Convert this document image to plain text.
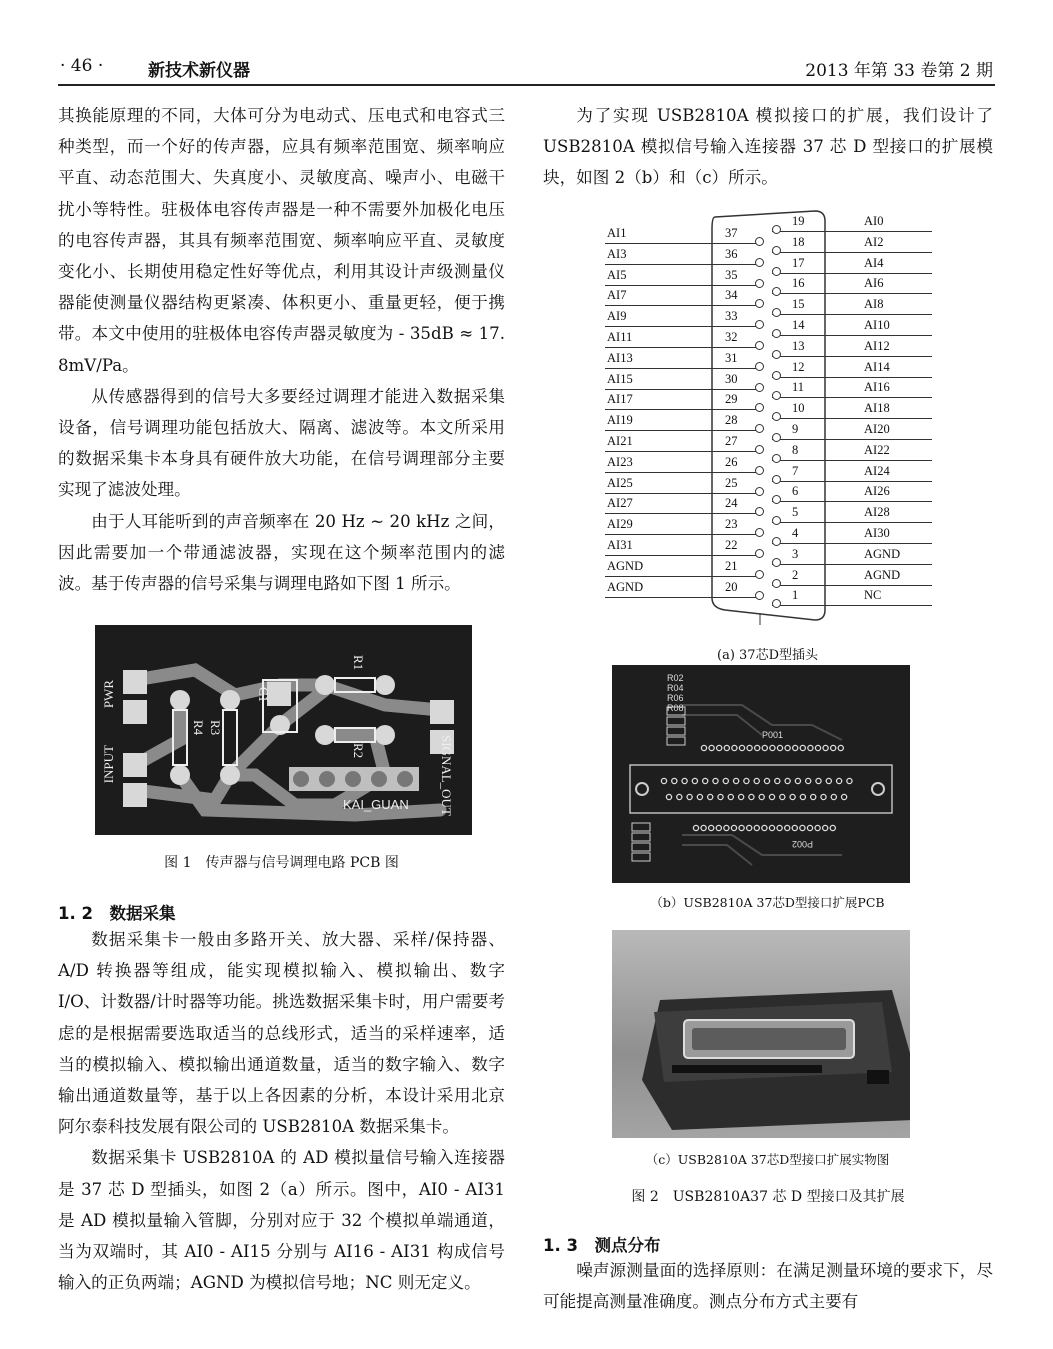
· 46 ·	新技术新仪器	2013 年第 33 卷第 2 期

其换能原理的不同，大体可分为电动式、压电式和电容式三种类型，而一个好的传声器，应具有频率范围宽、频率响应平直、动态范围大、失真度小、灵敏度高、噪声小、电磁干扰小等特性。驻极体电容传声器是一种不需要外加极化电压的电容传声器，其具有频率范围宽、频率响应平直、灵敏度变化小、长期使用稳定性好等优点，利用其设计声级测量仪器能使测量仪器结构更紧凑、体积更小、重量更轻，便于携带。本文中使用的驻极体电容传声器灵敏度为 - 35dB ≈ 17. 8mV/Pa。

从传感器得到的信号大多要经过调理才能进入数据采集设备，信号调理功能包括放大、隔离、滤波等。本文所采用的数据采集卡本身具有硬件放大功能，在信号调理部分主要实现了滤波处理。

由于人耳能听到的声音频率在 20 Hz ~ 20 kHz 之间，因此需要加一个带通滤波器，实现在这个频率范围内的滤波。基于传声器的信号采集与调理电路如下图 1 所示。

PWR
INPUT
R4 R3
C1
R1
R2	SIGNAL_OUT
KAI_GUAN
图 1　传声器与信号调理电路 PCB 图
1. 2　数据采集

数据采集卡一般由多路开关、放大器、采样/保持器、A/D 转换器等组成，能实现模拟输入、模拟输出、数字 I/O、计数器/计时器等功能。挑选数据采集卡时，用户需要考虑的是根据需要选取适当的总线形式，适当的采样速率，适当的模拟输入、模拟输出通道数量，适当的数字输入、数字输出通道数量等，基于以上各因素的分析，本设计采用北京阿尔泰科技发展有限公司的 USB2810A 数据采集卡。

数据采集卡 USB2810A 的 AD 模拟量信号输入连接器是 37 芯 D 型插头，如图 2（a）所示。图中，AI0 - AI31 是 AD 模拟量输入管脚，分别对应于 32 个模拟单端通道，当为双端时，其 AI0 - AI15 分别与 AI16 - AI31 构成信号输入的正负两端；AGND 为模拟信号地；NC 则无定义。

为了实现 USB2810A 模拟接口的扩展，我们设计了 USB2810A 模拟信号输入连接器 37 芯 D 型接口的扩展模块，如图 2（b）和（c）所示。

AI1	37
AI3	36
AI5	35
AI7	34
AI9	33
AI11	32
AI13	31
AI15	30
AI17	29
AI19	28
AI21	27
AI23	26
AI25	25
AI27	24
AI29	23
AI31	22
AGND	21
AGND	20
19	AI0
18	AI2
17	AI4
16	AI6
15	AI8
14	AI10
13	AI12
12	AI14
11	AI16
10	AI18
9	AI20
8	AI22
7	AI24
6	AI26
5	AI28
4	AI30
3	AGND
2	AGND
1	NC
(a) 37芯D型插头
R02
R04
R06
R08
P001
P002
（b）USB2810A 37芯D型接口扩展PCB
（c）USB2810A 37芯D型接口扩展实物图
图 2　USB2810A37 芯 D 型接口及其扩展
1. 3　测点分布

噪声源测量面的选择原则：在满足测量环境的要求下，尽可能提高测量准确度。测点分布方式主要有
